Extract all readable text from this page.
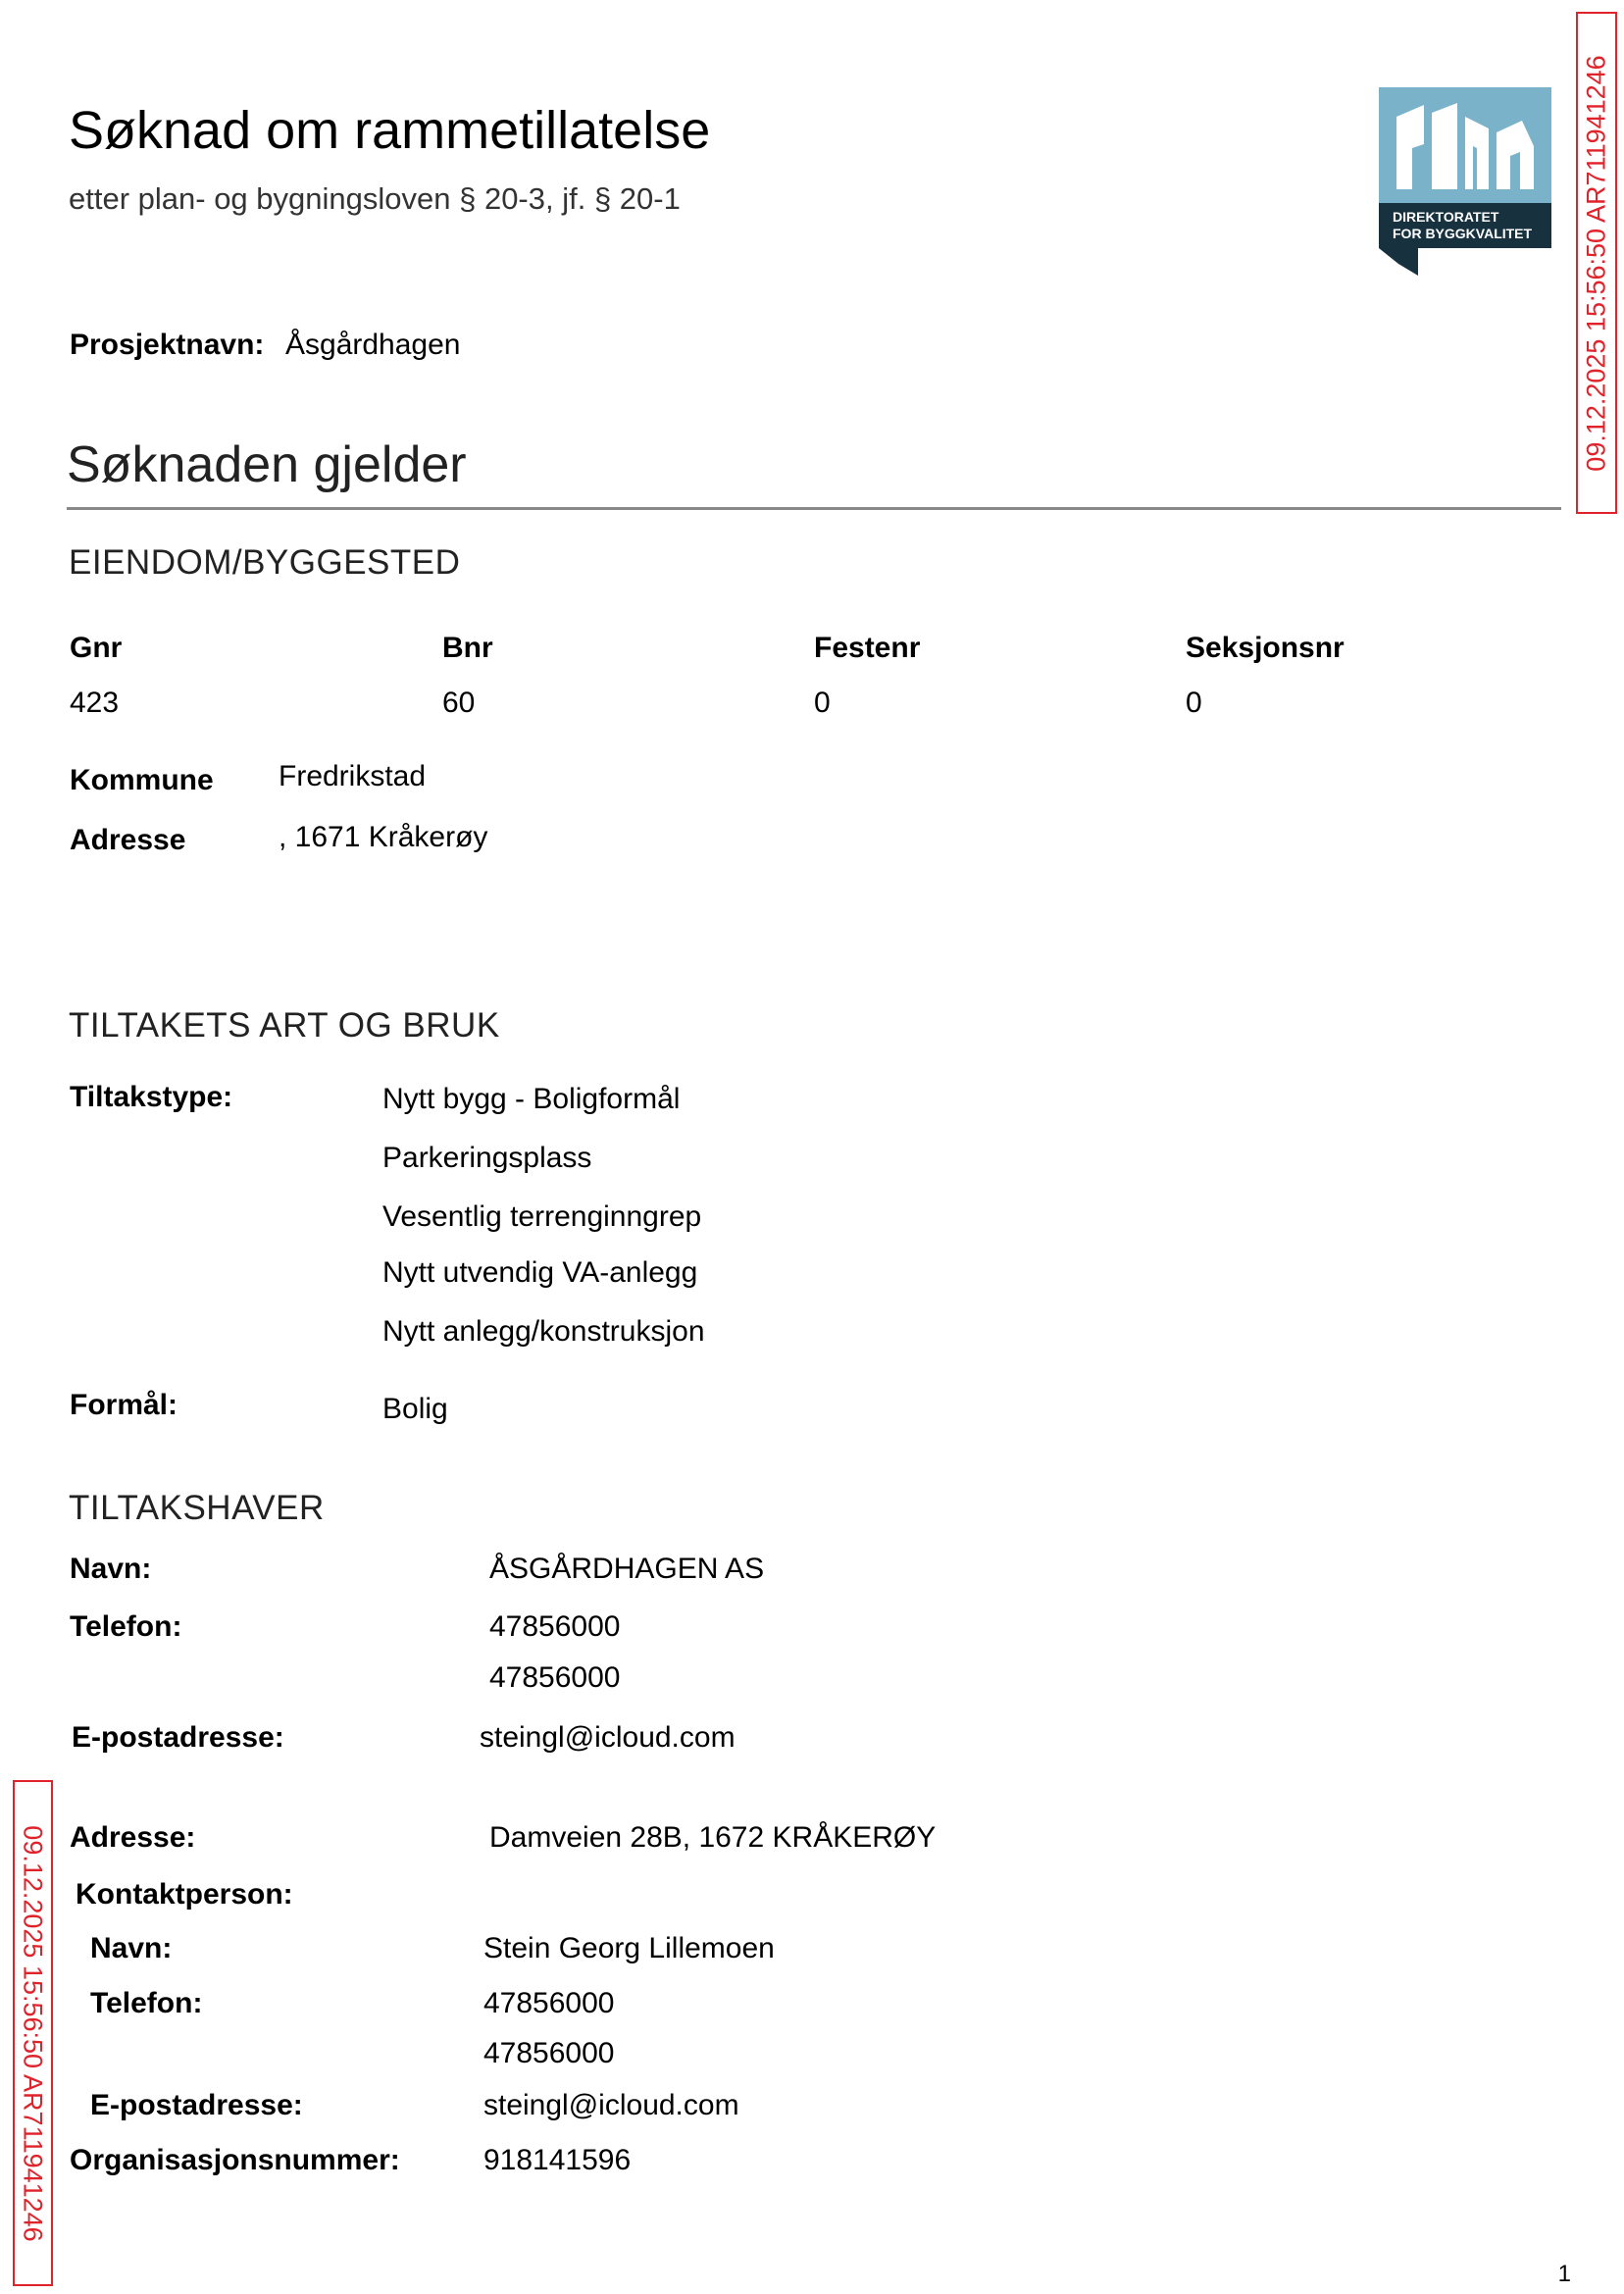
Søknad om rammetillatelse
etter plan- og bygningsloven § 20-3, jf. § 20-1
DIREKTORATET
FOR BYGGKVALITET
Prosjektnavn: Åsgårdhagen
Søknaden gjelder
EIENDOM/BYGGESTED
Gnr	Bnr	Festenr	Seksjonsnr
423	60	0	0
Kommune Fredrikstad
Adresse	, 1671 Kråkerøy
TILTAKETS ART OG BRUK
Tiltakstype:	Nytt bygg - Boligformål
Parkeringsplass
Vesentlig terrenginngrep
Nytt utvendig VA-anlegg
Nytt anlegg/konstruksjon
Formål:	Bolig
TILTAKSHAVER
Navn:	ÅSGÅRDHAGEN AS
Telefon:	47856000
47856000
E-postadresse:	steingl@icloud.com
Adresse:	Damveien 28B, 1672 KRÅKERØY
Kontaktperson:
Navn:	Stein Georg Lillemoen
Telefon:	47856000
47856000
E-postadresse:	steingl@icloud.com
Organisasjonsnummer:	918141596
09.12.2025 15:56:50 AR711941246
09.12.2025 15:56:50 AR711941246
1
